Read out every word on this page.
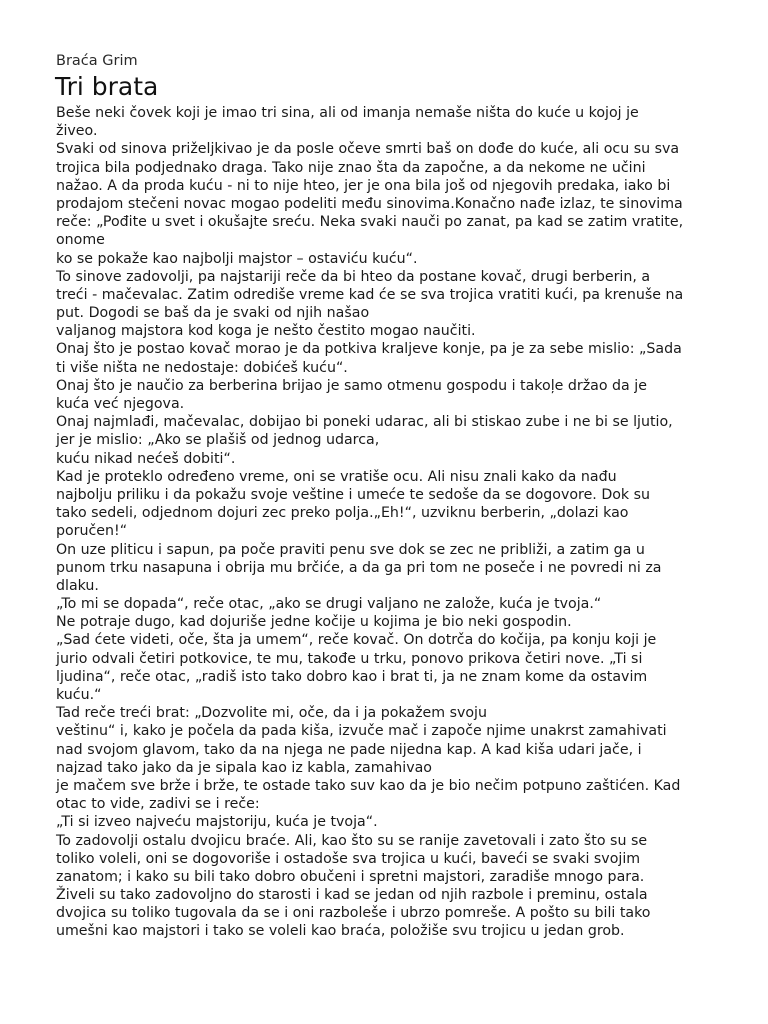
Braća Grim
Tri brata
Beše neki čovek koji je imao tri sina, ali od imanja nemaše ništa do kuće u kojoj je
živeo.
Svaki od sinova priželjkivao je da posle očeve smrti baš on dođe do kuće, ali ocu su sva
trojica bila podjednako draga. Tako nije znao šta da započne, a da nekome ne učini
nažao. A da proda kuću - ni to nije hteo, jer je ona bila još od njegovih predaka, iako bi
prodajom stečeni novac mogao podeliti među sinovima.Konačno nađe izlaz, te sinovima
reče: „Pođite u svet i okušajte sreću. Neka svaki nauči po zanat, pa kad se zatim vratite,
onome
ko se pokaže kao najbolji majstor – ostaviću kuću“.
To sinove zadovolji, pa najstariji reče da bi hteo da postane kovač, drugi berberin, a
treći - mačevalac. Zatim odrediše vreme kad će se sva trojica vratiti kući, pa krenuše na
put. Dogodi se baš da je svaki od njih našao
valjanog majstora kod koga je nešto čestito mogao naučiti.
Onaj što je postao kovač morao je da potkiva kraljeve konje, pa je za sebe mislio: „Sada
ti više ništa ne nedostaje: dobićeš kuću“.
Onaj što je naučio za berberina brijao je samo otmenu gospodu i takoļe držao da je
kuća već njegova.
Onaj najmlađi, mačevalac, dobijao bi poneki udarac, ali bi stiskao zube i ne bi se ljutio,
jer je mislio: „Ako se plašiš od jednog udarca,
kuću nikad nećeš dobiti“.
Kad je proteklo određeno vreme, oni se vratiše ocu. Ali nisu znali kako da nađu
najbolju priliku i da pokažu svoje veštine i umeće te sedoše da se dogovore. Dok su
tako sedeli, odjednom dojuri zec preko polja.„Eh!“, uzviknu berberin, „dolazi kao
poručen!“
On uze pliticu i sapun, pa poče praviti penu sve dok se zec ne približi, a zatim ga u
punom trku nasapuna i obrija mu brčiće, a da ga pri tom ne poseče i ne povredi ni za
dlaku.
„To mi se dopada“, reče otac, „ako se drugi valjano ne založe, kuća je tvoja.“
Ne potraje dugo, kad dojuriše jedne kočije u kojima je bio neki gospodin.
„Sad ćete videti, oče, šta ja umem“, reče kovač. On dotrča do kočija, pa konju koji je
jurio odvali četiri potkovice, te mu, takođe u trku, ponovo prikova četiri nove. „Ti si
ljudina“, reče otac, „radiš isto tako dobro kao i brat ti, ja ne znam kome da ostavim
kuću.“
Tad reče treći brat: „Dozvolite mi, oče, da i ja pokažem svoju
veštinu“ i, kako je počela da pada kiša, izvuče mač i započe njime unakrst zamahivati
nad svojom glavom, tako da na njega ne pade nijedna kap. A kad kiša udari jače, i
najzad tako jako da je sipala kao iz kabla, zamahivao
je mačem sve brže i brže, te ostade tako suv kao da je bio nečim potpuno zaštićen. Kad
otac to vide, zadivi se i reče:
„Ti si izveo najveću majstoriju, kuća je tvoja“.
To zadovolji ostalu dvojicu braće. Ali, kao što su se ranije zavetovali i zato što su se
toliko voleli, oni se dogovoriše i ostadoše sva trojica u kući, baveći se svaki svojim
zanatom; i kako su bili tako dobro obučeni i spretni majstori, zaradiše mnogo para.
Živeli su tako zadovoljno do starosti i kad se jedan od njih razbole i preminu, ostala
dvojica su toliko tugovala da se i oni razboleše i ubrzo pomreše. A pošto su bili tako
umešni kao majstori i tako se voleli kao braća, položiše svu trojicu u jedan grob.
